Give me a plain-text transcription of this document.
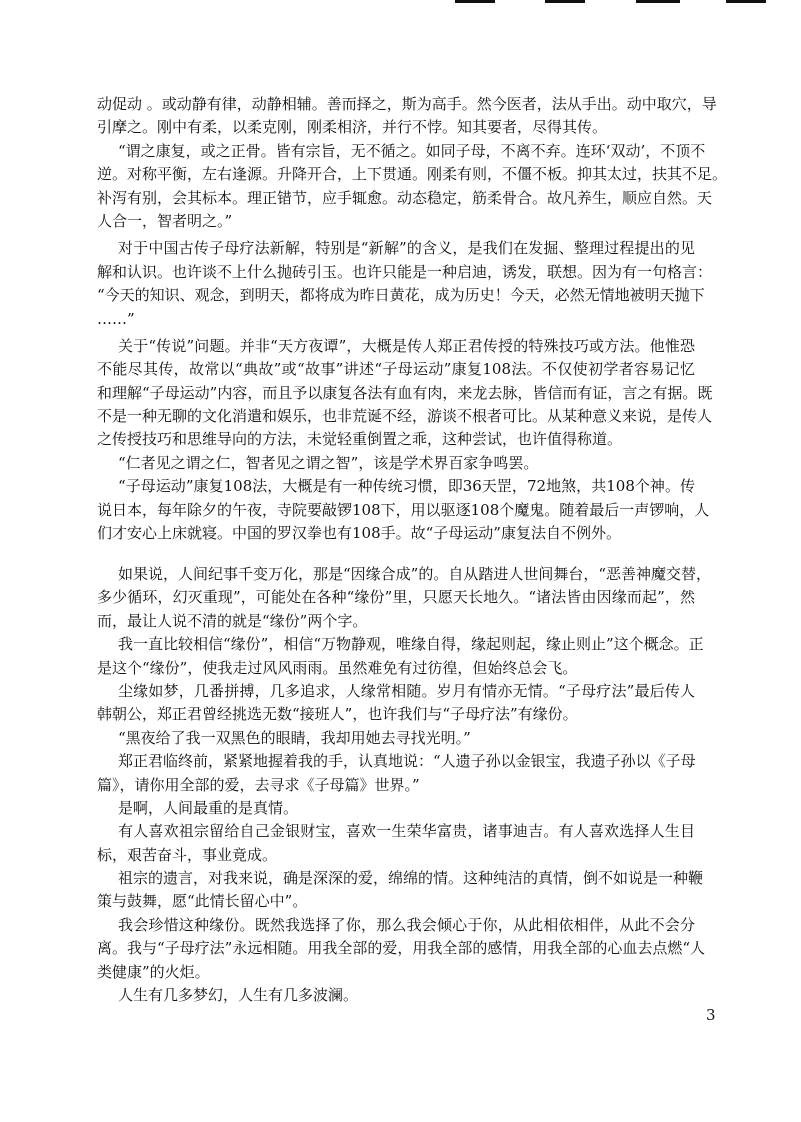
动促动 。或动静有律，动静相辅。善而择之，斯为高手。然今医者，法从手出。动中取穴，导
引摩之。刚中有柔，以柔克刚，刚柔相济，并行不悖。知其要者，尽得其传。
“谓之康复，或之正骨。皆有宗旨，无不循之。如同子母，不离不弃。连环‘双动’，不顶不
逆。对称平衡，左右逢源。升降开合，上下贯通。刚柔有则，不僵不板。抑其太过，扶其不足。
补泻有别，会其标本。理正错节，应手辄愈。动态稳定，筋柔骨合。故凡养生，顺应自然。天
人合一，智者明之。”
对于中国古传子母疗法新解，特别是“新解”的含义，是我们在发掘、整理过程提出的见
解和认识。也许谈不上什么抛砖引玉。也许只能是一种启迪，诱发，联想。因为有一句格言：
“今天的知识、观念，到明天，都将成为昨日黄花，成为历史！今天，必然无情地被明天抛下
……”
关于“传说”问题。并非“天方夜谭”，大概是传人郑正君传授的特殊技巧或方法。他惟恐
不能尽其传，故常以“典故”或“故事”讲述“子母运动”康复108法。不仅使初学者容易记忆
和理解“子母运动”内容，而且予以康复各法有血有肉，来龙去脉，皆信而有证，言之有据。既
不是一种无聊的文化消遣和娱乐，也非荒诞不经，游谈不根者可比。从某种意义来说，是传人
之传授技巧和思维导向的方法，未觉轻重倒置之乖，这种尝试，也许值得称道。
“仁者见之谓之仁，智者见之谓之智”，该是学术界百家争鸣罢。
“子母运动”康复108法，大概是有一种传统习惯，即36天罡，72地煞，共108个神。传
说日本，每年除夕的午夜，寺院要敲锣108下，用以驱逐108个魔鬼。随着最后一声锣响，人
们才安心上床就寝。中国的罗汉拳也有108手。故“子母运动”康复法自不例外。
如果说，人间纪事千变万化，那是“因缘合成”的。自从踏进人世间舞台，“恶善神魔交替，
多少循环，幻灭重现”，可能处在各种“缘份”里，只愿天长地久。“诸法皆由因缘而起”，然
而，最让人说不清的就是“缘份”两个字。
我一直比较相信“缘份”，相信“万物静观，唯缘自得，缘起则起，缘止则止”这个概念。正
是这个“缘份”，使我走过风风雨雨。虽然难免有过彷徨，但始终总会飞。
尘缘如梦，几番拼搏，几多追求，人缘常相随。岁月有情亦无情。“子母疗法”最后传人
韩朝公，郑正君曾经挑选无数“接班人”，也许我们与“子母疗法”有缘份。
“黑夜给了我一双黑色的眼睛，我却用她去寻找光明。”
郑正君临终前，紧紧地握着我的手，认真地说：“人遗子孙以金银宝，我遗子孙以《子母
篇》，请你用全部的爱，去寻求《子母篇》世界。”
是啊，人间最重的是真情。
有人喜欢祖宗留给自己金银财宝，喜欢一生荣华富贵，诸事迪吉。有人喜欢选择人生目
标，艰苦奋斗，事业竟成。
祖宗的遗言，对我来说，确是深深的爱，绵绵的情。这种纯洁的真情，倒不如说是一种鞭
策与鼓舞，愿“此情长留心中”。
我会珍惜这种缘份。既然我选择了你，那么我会倾心于你，从此相依相伴，从此不会分
离。我与“子母疗法”永远相随。用我全部的爱，用我全部的感情，用我全部的心血去点燃“人
类健康”的火炬。
人生有几多梦幻，人生有几多波澜。
3
